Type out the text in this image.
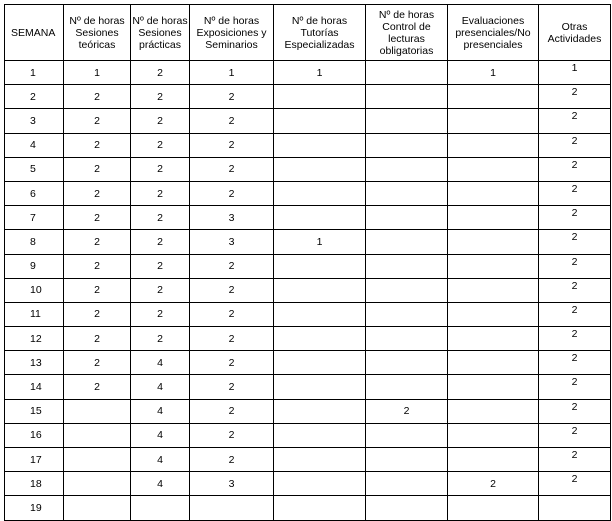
SEMANA	Nº de horas Sesiones teóricas	Nº de horas Sesiones prácticas	Nº de horas Exposiciones y Seminarios	Nº de horas Tutorías Especializadas	Nº de horas Control de lecturas obligatorias	Evaluaciones presenciales/No presenciales	Otras Actividades
1	1	2	1	1		1	1
2	2	2	2				2
3	2	2	2				2
4	2	2	2				2
5	2	2	2				2
6	2	2	2				2
7	2	2	3				2
8	2	2	3	1			2
9	2	2	2				2
10	2	2	2				2
11	2	2	2				2
12	2	2	2				2
13	2	4	2				2
14	2	4	2				2
15		4	2		2		2
16		4	2				2
17		4	2				2
18		4	3			2	2
19							
